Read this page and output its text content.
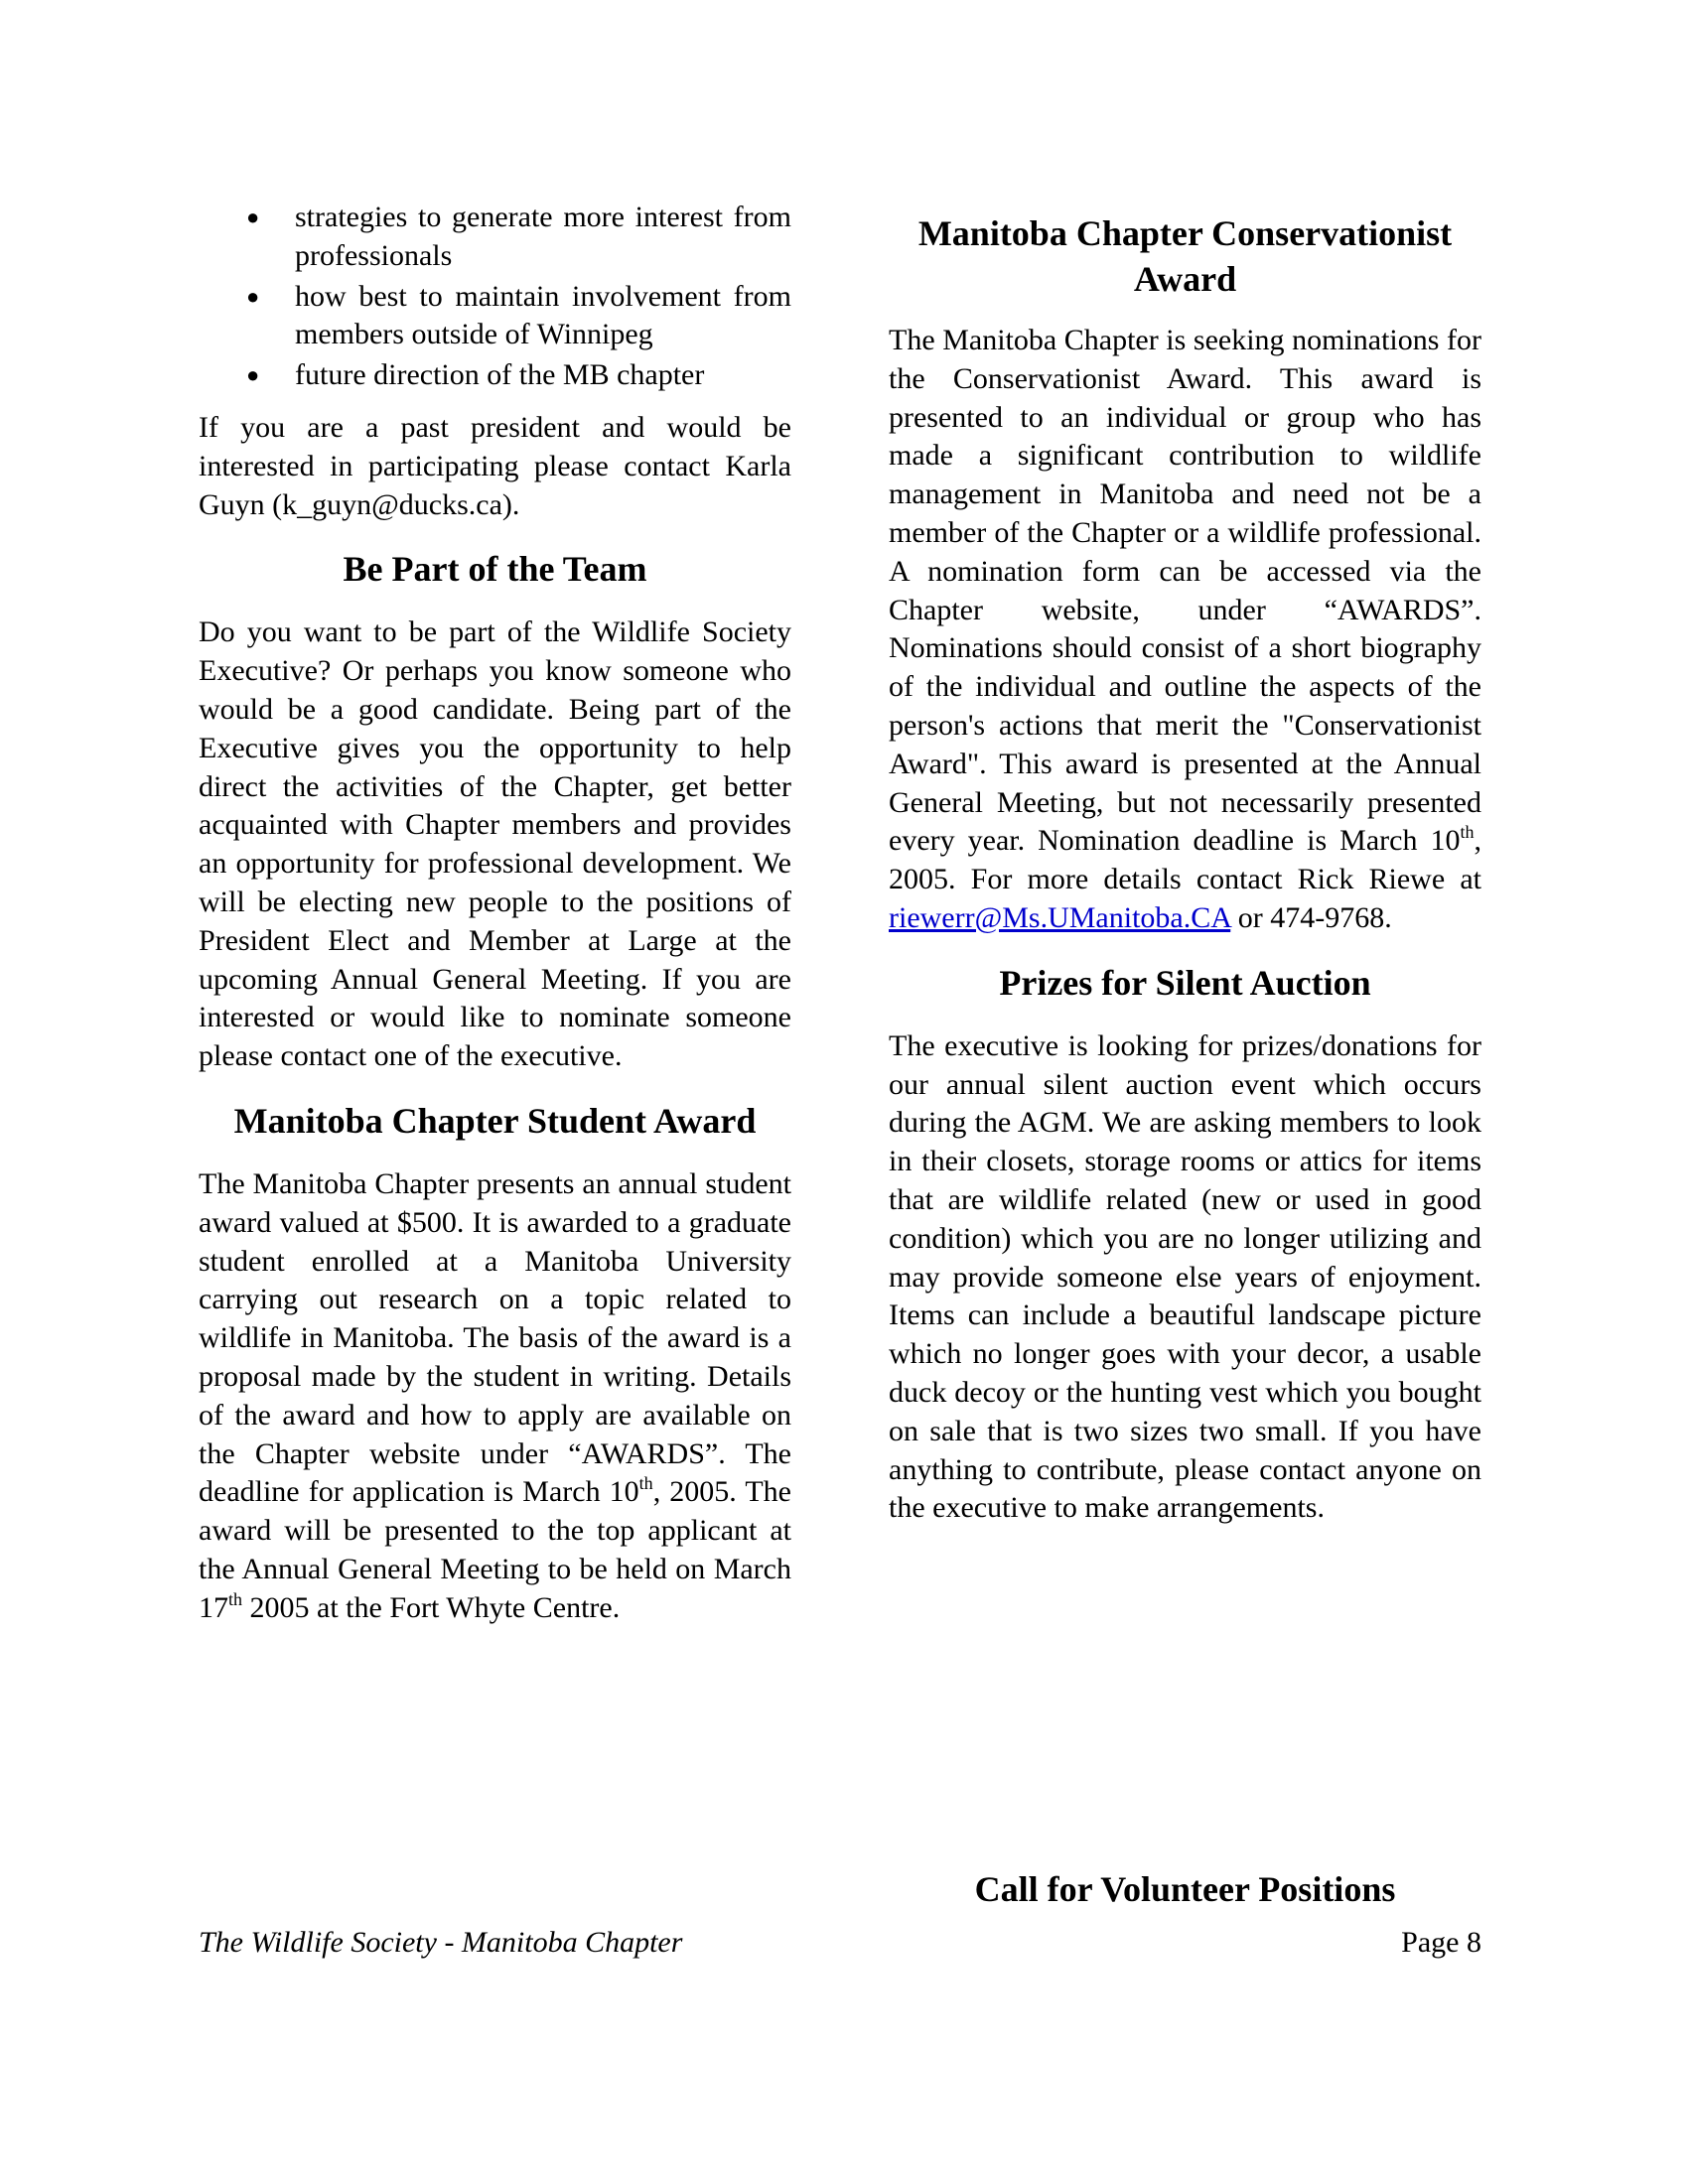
● strategies to generate more interest from professionals
● how best to maintain involvement from members outside of Winnipeg
● future direction of the MB chapter

If you are a past president and would be interested in participating please contact Karla Guyn (k_guyn@ducks.ca).

Be Part of the Team

Do you want to be part of the Wildlife Society Executive? Or perhaps you know someone who would be a good candidate. Being part of the Executive gives you the opportunity to help direct the activities of the Chapter, get better acquainted with Chapter members and provides an opportunity for professional development. We will be electing new people to the positions of President Elect and Member at Large at the upcoming Annual General Meeting. If you are interested or would like to nominate someone please contact one of the executive.

Manitoba Chapter Student Award

The Manitoba Chapter presents an annual student award valued at $500. It is awarded to a graduate student enrolled at a Manitoba University carrying out research on a topic related to wildlife in Manitoba. The basis of the award is a proposal made by the student in writing. Details of the award and how to apply are available on the Chapter website under “AWARDS”. The deadline for application is March 10th, 2005. The award will be presented to the top applicant at the Annual General Meeting to be held on March 17th 2005 at the Fort Whyte Centre.

Manitoba Chapter Conservationist Award

The Manitoba Chapter is seeking nominations for the Conservationist Award. This award is presented to an individual or group who has made a significant contribution to wildlife management in Manitoba and need not be a member of the Chapter or a wildlife professional. A nomination form can be accessed via the Chapter website, under “AWARDS”. Nominations should consist of a short biography of the individual and outline the aspects of the person's actions that merit the "Conservationist Award". This award is presented at the Annual General Meeting, but not necessarily presented every year. Nomination deadline is March 10th, 2005. For more details contact Rick Riewe at riewerr@Ms.UManitoba.CA or 474-9768.

Prizes for Silent Auction

The executive is looking for prizes/donations for our annual silent auction event which occurs during the AGM. We are asking members to look in their closets, storage rooms or attics for items that are wildlife related (new or used in good condition) which you are no longer utilizing and may provide someone else years of enjoyment. Items can include a beautiful landscape picture which no longer goes with your decor, a usable duck decoy or the hunting vest which you bought on sale that is two sizes two small. If you have anything to contribute, please contact anyone on the executive to make arrangements.

Call for Volunteer Positions
The Wildlife Society - Manitoba Chapter	Page 8
